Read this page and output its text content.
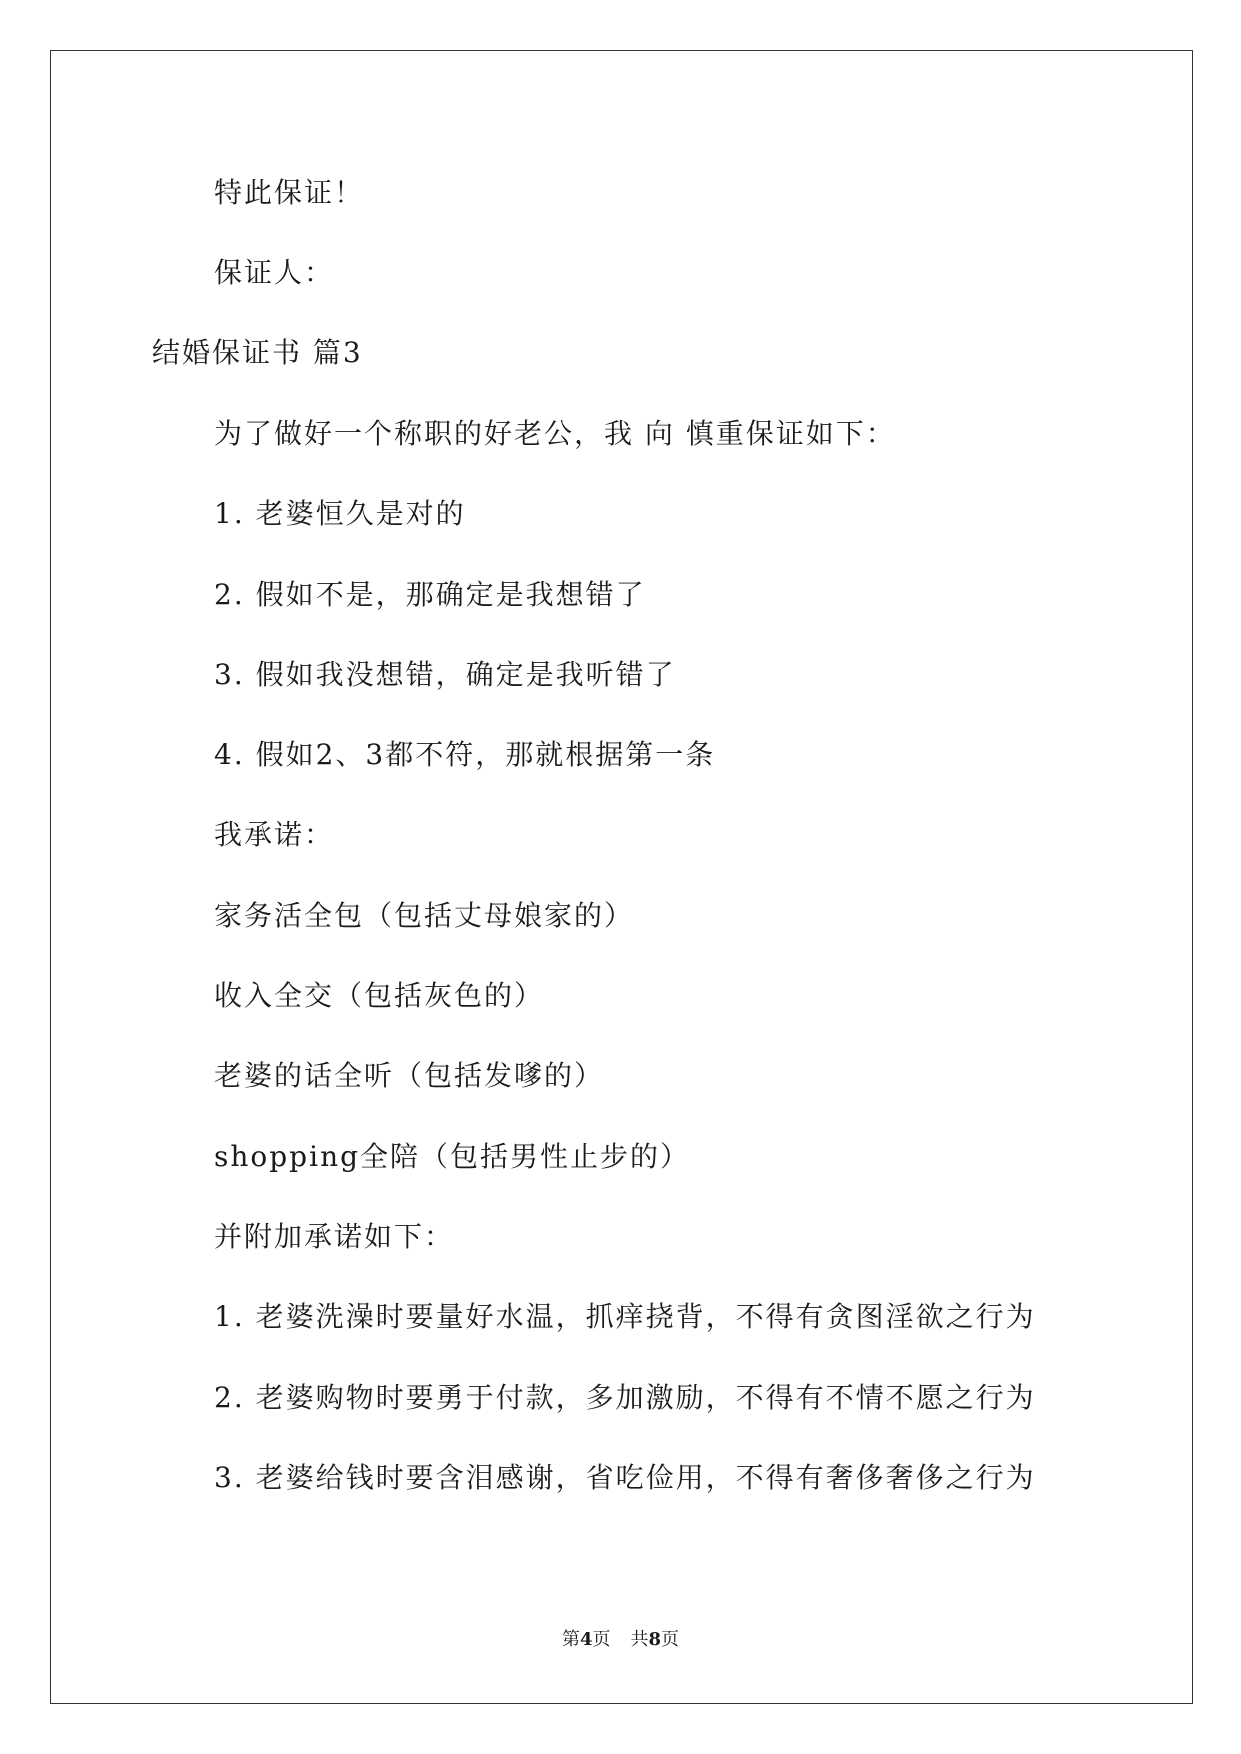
特此保证！
保证人：
结婚保证书 篇3
为了做好一个称职的好老公，我 向 慎重保证如下：
1. 老婆恒久是对的
2. 假如不是，那确定是我想错了
3. 假如我没想错，确定是我听错了
4. 假如2、3都不符，那就根据第一条
我承诺：
家务活全包（包括丈母娘家的）
收入全交（包括灰色的）
老婆的话全听（包括发嗲的）
shopping全陪（包括男性止步的）
并附加承诺如下：
1. 老婆洗澡时要量好水温，抓痒挠背，不得有贪图淫欲之行为
2. 老婆购物时要勇于付款，多加激励，不得有不情不愿之行为
3. 老婆给钱时要含泪感谢，省吃俭用，不得有奢侈奢侈之行为
第4页 共8页
